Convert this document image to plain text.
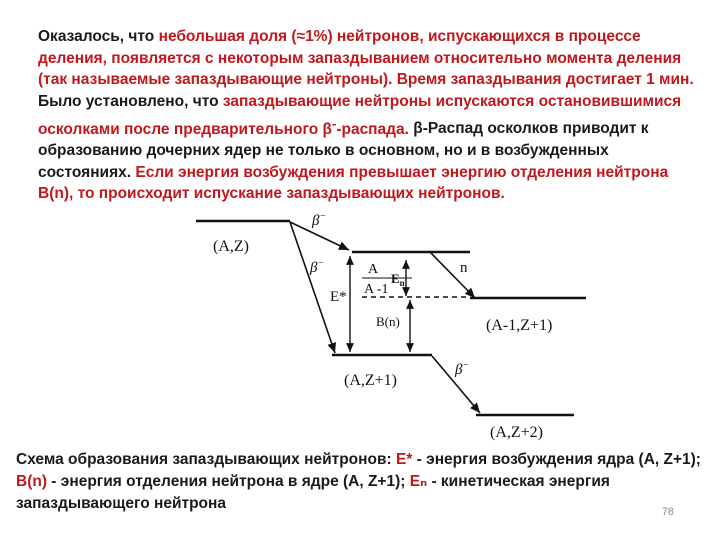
Оказалось, что небольшая доля (≈1%) нейтронов, испускающихся в процессе деления, появляется с некоторым запаздыванием относительно момента деления (так называемые запаздывающие нейтроны). Время запаздывания достигает 1 мин. Было установлено, что запаздывающие нейтроны испускаются остановившимися осколками после предварительного β--распада. β-Распад осколков приводит к образованию дочерних ядер не только в основном, но и в возбужденных состояниях. Если энергия возбуждения превышает энергию отделения нейтрона B(n), то происходит испускание запаздывающих нейтронов.

(A,Z)
β−
β−
E*
A
A -1
$E_n$
n
B(n)	(A-1,Z+1)
(A,Z+1)
β−
(A,Z+2)

Схема образования запаздывающих нейтронов: E* - энергия возбуждения ядра (A, Z+1); B(n) - энергия отделения нейтрона в ядре (A, Z+1); Eₙ - кинетическая энергия запаздывающего нейтрона	78
